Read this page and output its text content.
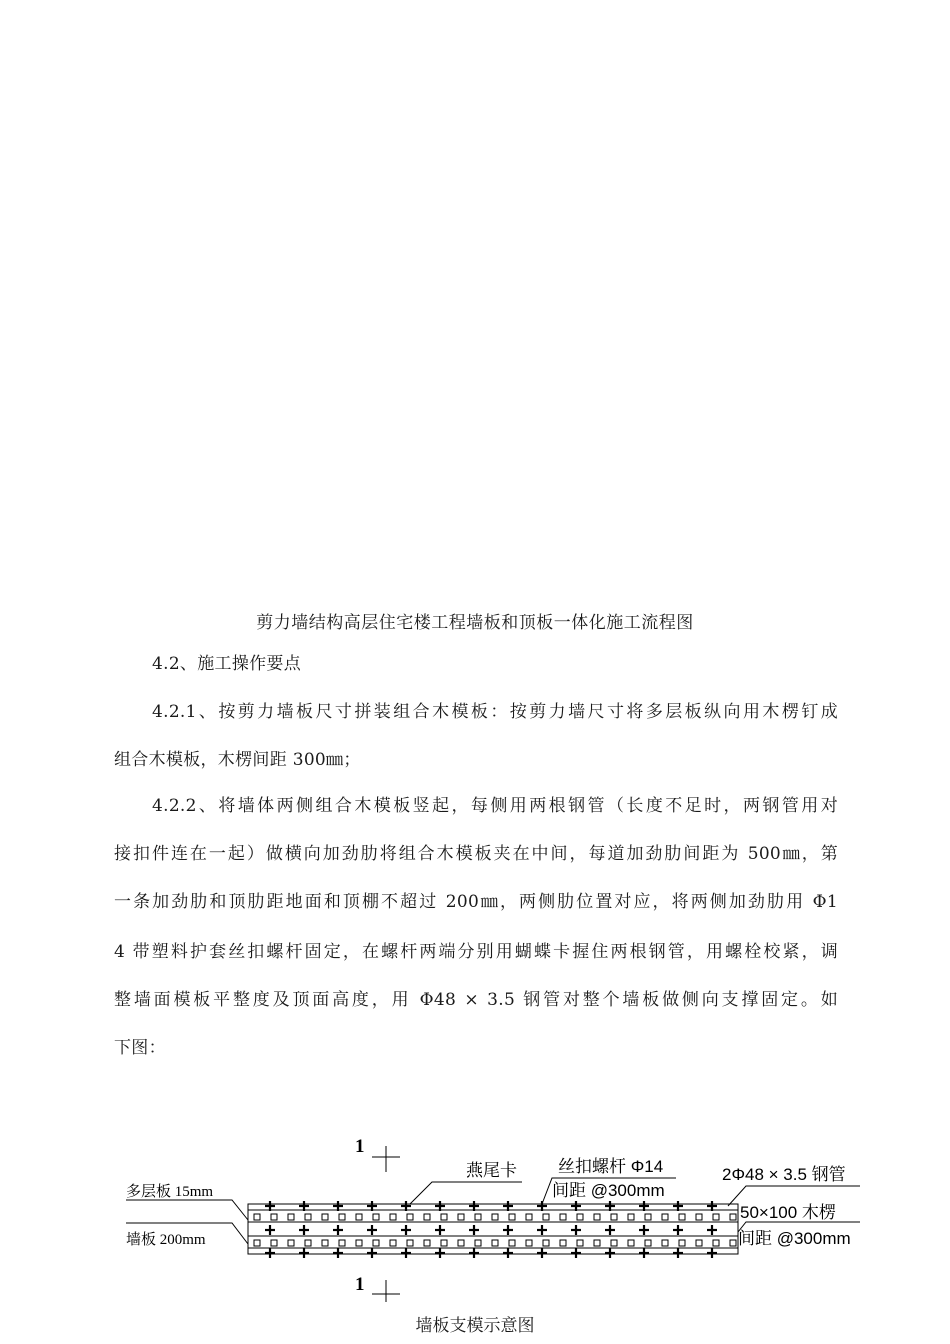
剪力墙结构高层住宅楼工程墙板和顶板一体化施工流程图

4.2、施工操作要点

4.2.1、按剪力墙板尺寸拼装组合木模板：按剪力墙尺寸将多层板纵向用木楞钉成
组合木模板，木楞间距 300㎜；
4.2.2、将墙体两侧组合木模板竖起，每侧用两根钢管（长度不足时，两钢管用对
接扣件连在一起）做横向加劲肋将组合木模板夹在中间，每道加劲肋间距为 500㎜，第
一条加劲肋和顶肋距地面和顶棚不超过 200㎜，两侧肋位置对应，将两侧加劲肋用 Φ1
4 带塑料护套丝扣螺杆固定，在螺杆两端分别用蝴蝶卡握住两根钢管，用螺栓校紧，调
整墙面模板平整度及顶面高度，用 Φ48 × 3.5 钢管对整个墙板做侧向支撑固定。如
下图：
1
1
多层板 15mm
墙板 200mm
燕尾卡 丝扣螺杆 Φ14
间距 @300mm
2Φ48 × 3.5 钢管
50×100 木楞
间距 @300mm
墙板支模示意图
